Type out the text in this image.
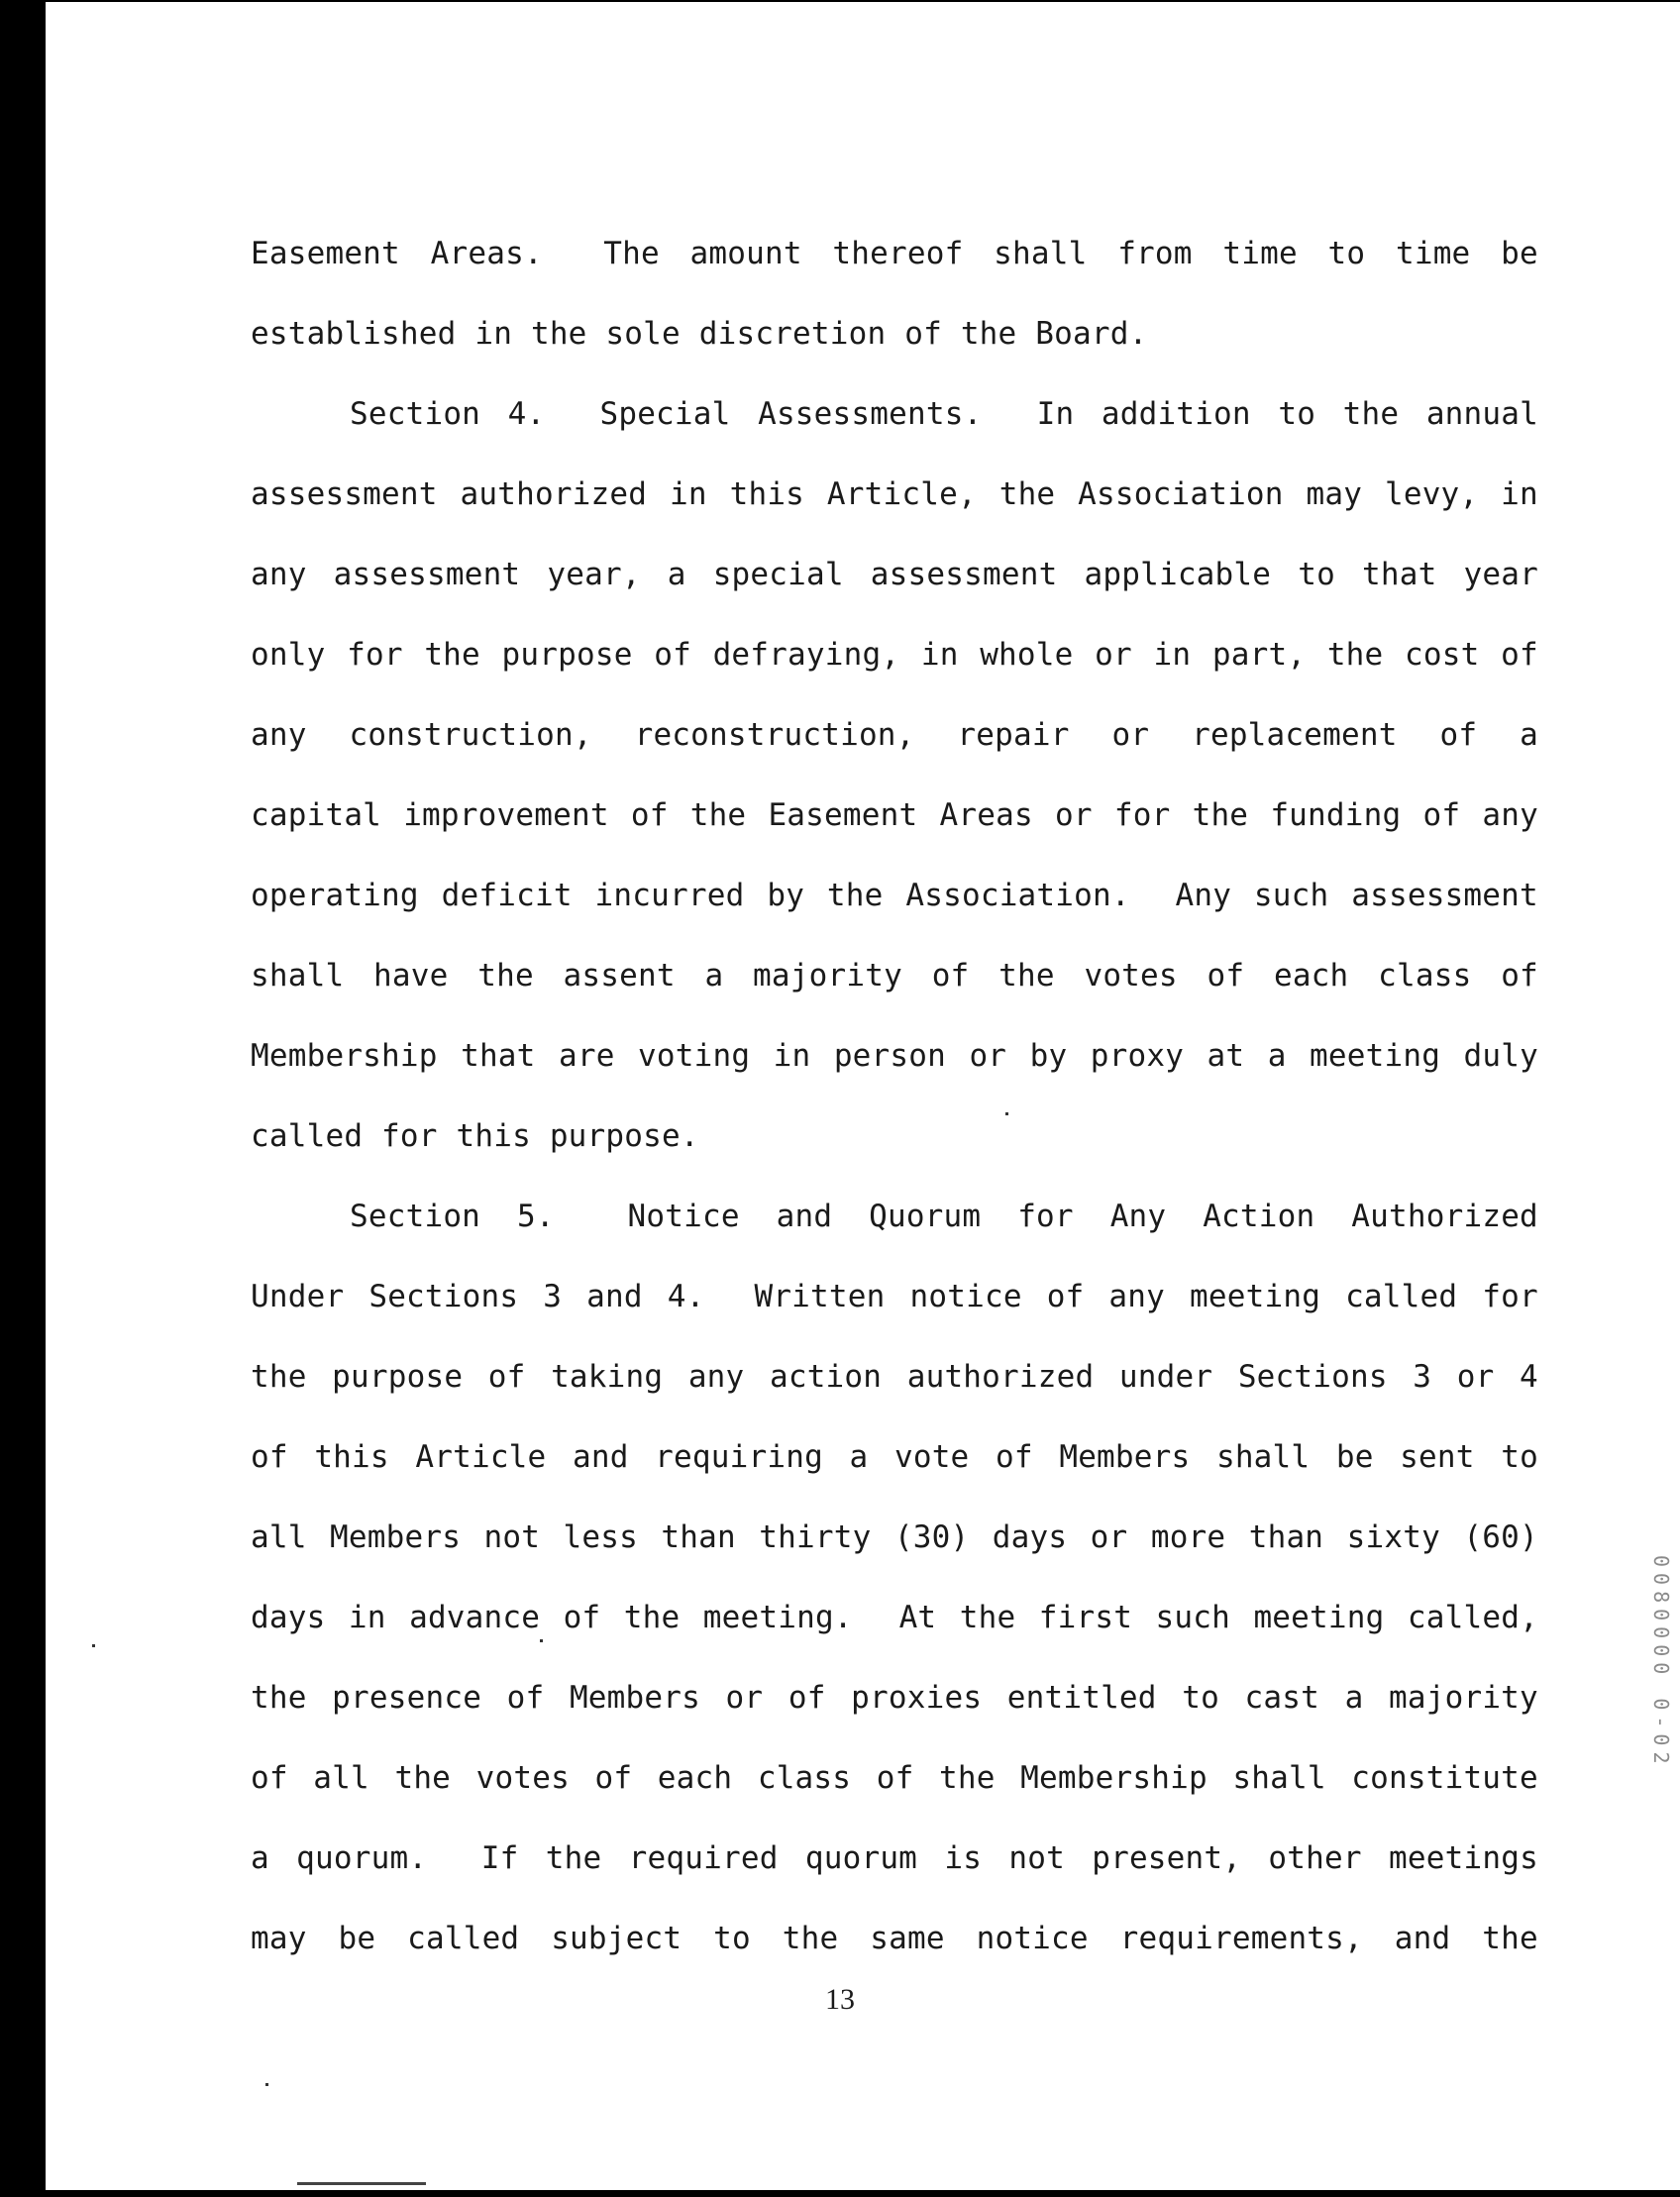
Easement Areas. The amount thereof shall from time to time be
established in the sole discretion of the Board.
Section 4. Special Assessments. In addition to the annual
assessment authorized in this Article, the Association may levy, in
any assessment year, a special assessment applicable to that year
only for the purpose of defraying, in whole or in part, the cost of
any construction, reconstruction, repair or replacement of a
capital improvement of the Easement Areas or for the funding of any
operating deficit incurred by the Association. Any such assessment
shall have the assent a majority of the votes of each class of
Membership that are voting in person or by proxy at a meeting duly
called for this purpose.
Section 5. Notice and Quorum for Any Action Authorized
Under Sections 3 and 4. Written notice of any meeting called for
the purpose of taking any action authorized under Sections 3 or 4
of this Article and requiring a vote of Members shall be sent to
all Members not less than thirty (30) days or more than sixty (60)
days in advance of the meeting. At the first such meeting called,
the presence of Members or of proxies entitled to cast a majority
of all the votes of each class of the Membership shall constitute
a quorum. If the required quorum is not present, other meetings
may be called subject to the same notice requirements, and the
13
0080000 0-02
